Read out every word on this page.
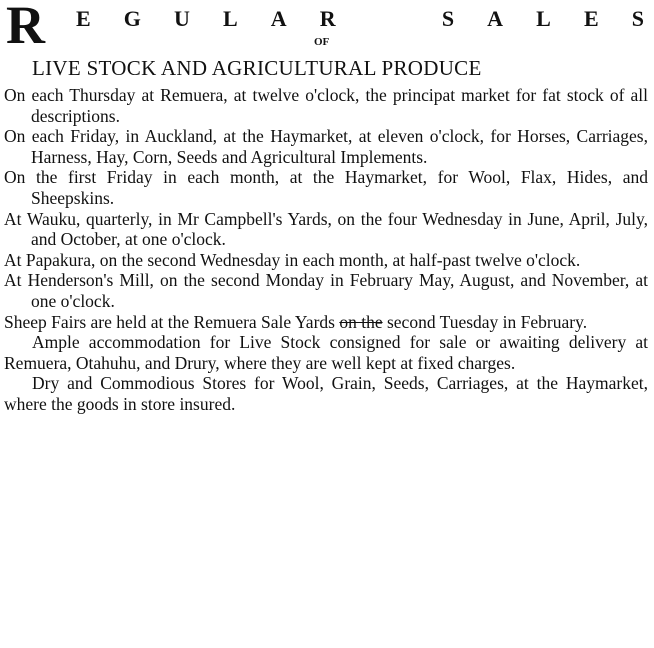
R E G U L A R	S A L E S
OF
LIVE STOCK AND AGRICULTURAL PRODUCE

On each Thursday at Remuera, at twelve o'clock, the principat market for fat stock of all descriptions.

On each Friday, in Auckland, at the Haymarket, at eleven o'clock, for Horses, Carriages, Harness, Hay, Corn, Seeds and Agricultural Implements.

On the first Friday in each month, at the Haymarket, for Wool, Flax, Hides, and Sheepskins.

At Wauku, quarterly, in Mr Campbell's Yards, on the four Wednesday in June, April, July, and October, at one o'clock.

At Papakura, on the second Wednesday in each month, at half-past twelve o'clock.

At Henderson's Mill, on the second Monday in February May, August, and November, at one o'clock.

Sheep Fairs are held at the Remuera Sale Yards on the second Tuesday in February.

Ample accommodation for Live Stock consigned for sale or awaiting delivery at Remuera, Otahuhu, and Drury, where they are well kept at fixed charges.

Dry and Commodious Stores for Wool, Grain, Seeds, Carriages, at the Haymarket, where the goods in store insured.
